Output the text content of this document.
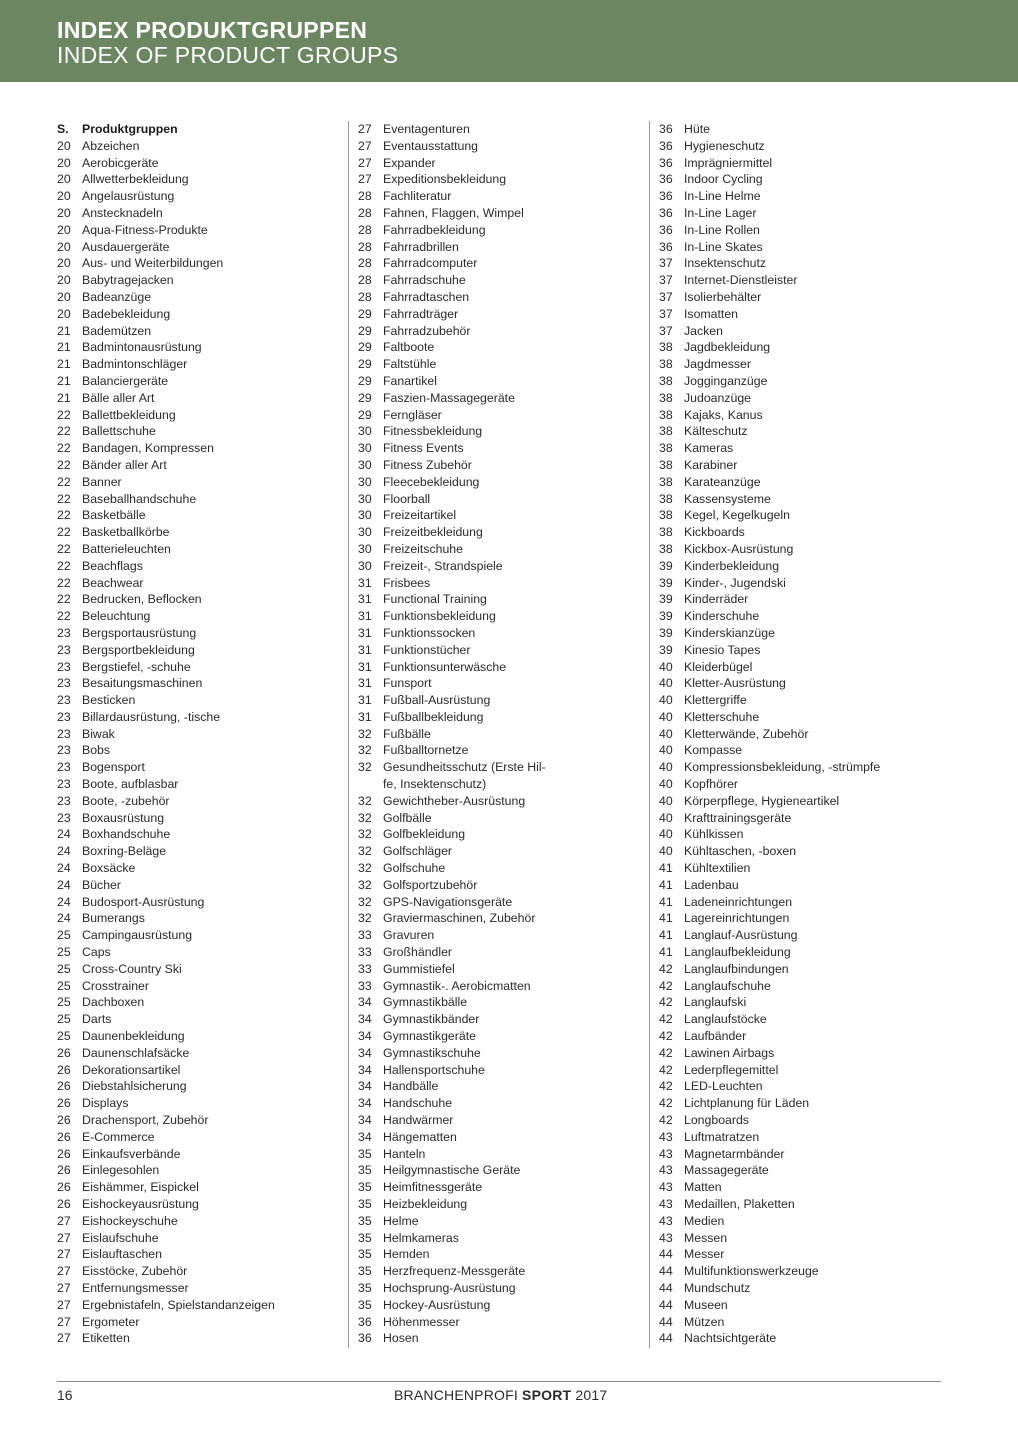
INDEX PRODUKTGRUPPEN
INDEX OF PRODUCT GROUPS
S.	Produktgruppen
20 Abzeichen
20 Aerobicgeräte
20 Allwetterbekleidung
20 Angelausrüstung
20 Anstecknadeln
20 Aqua-Fitness-Produkte
20 Ausdauergeräte
20 Aus- und Weiterbildungen
20 Babytragejacken
20 Badeanzüge
20 Badebekleidung
21 Bademützen
21 Badmintonausrüstung
21 Badmintonschläger
21 Balanciergeräte
21 Bälle aller Art
22 Ballettbekleidung
22 Ballettschuhe
22 Bandagen, Kompressen
22 Bänder aller Art
22 Banner
22 Baseballhandschuhe
22 Basketbälle
22 Basketballkörbe
22 Batterieleuchten
22 Beachflags
22 Beachwear
22 Bedrucken, Beflocken
22 Beleuchtung
23 Bergsportausrüstung
23 Bergsportbekleidung
23 Bergstiefel, -schuhe
23 Besaitungsmaschinen
23 Besticken
23 Billardausrüstung, -tische
23 Biwak
23 Bobs
23 Bogensport
23 Boote, aufblasbar
23 Boote, -zubehör
23 Boxausrüstung
24 Boxhandschuhe
24 Boxring-Beläge
24 Boxsäcke
24 Bücher
24 Budosport-Ausrüstung
24 Bumerangs
25 Campingausrüstung
25 Caps
25 Cross-Country Ski
25 Crosstrainer
25 Dachboxen
25 Darts
25 Daunenbekleidung
26 Daunenschlafsäcke
26 Dekorationsartikel
26 Diebstahlsicherung
26 Displays
26 Drachensport, Zubehör
26 E-Commerce
26 Einkaufsverbände
26 Einlegesohlen
26 Eishämmer, Eispickel
26 Eishockeyausrüstung
27 Eishockeyschuhe
27 Eislaufschuhe
27 Eislauftaschen
27 Eisstöcke, Zubehör
27 Entfernungsmesser
27 Ergebnistafeln, Spielstandanzeigen
27 Ergometer
27 Etiketten
27 Eventagenturen
27 Eventausstattung
27 Expander
27 Expeditionsbekleidung
28 Fachliteratur
28 Fahnen, Flaggen, Wimpel
28 Fahrradbekleidung
28 Fahrradbrillen
28 Fahrradcomputer
28 Fahrradschuhe
28 Fahrradtaschen
29 Fahrradträger
29 Fahrradzubehör
29 Faltboote
29 Faltstühle
29 Fanartikel
29 Faszien-Massagegeräte
29 Ferngläser
30 Fitnessbekleidung
30 Fitness Events
30 Fitness Zubehör
30 Fleecebekleidung
30 Floorball
30 Freizeitartikel
30 Freizeitbekleidung
30 Freizeitschuhe
30 Freizeit-, Strandspiele
31 Frisbees
31 Functional Training
31 Funktionsbekleidung
31 Funktionssocken
31 Funktionstücher
31 Funktionsunterwäsche
31 Funsport
31 Fußball-Ausrüstung
31 Fußballbekleidung
32 Fußbälle
32 Fußballtornetze
32 Gesundheitsschutz (Erste Hil-
fe, Insektenschutz)
32 Gewichtheber-Ausrüstung
32 Golfbälle
32 Golfbekleidung
32 Golfschläger
32 Golfschuhe
32 Golfsportzubehör
32 GPS-Navigationsgeräte
32 Graviermaschinen, Zubehör
33 Gravuren
33 Großhändler
33 Gummistiefel
33 Gymnastik-. Aerobicmatten
34 Gymnastikbälle
34 Gymnastikbänder
34 Gymnastikgeräte
34 Gymnastikschuhe
34 Hallensportschuhe
34 Handbälle
34 Handschuhe
34 Handwärmer
34 Hängematten
35 Hanteln
35 Heilgymnastische Geräte
35 Heimfitnessgeräte
35 Heizbekleidung
35 Helme
35 Helmkameras
35 Hemden
35 Herzfrequenz-Messgeräte
35 Hochsprung-Ausrüstung
35 Hockey-Ausrüstung
36 Höhenmesser
36 Hosen
36 Hüte
36 Hygieneschutz
36 Imprägniermittel
36 Indoor Cycling
36 In-Line Helme
36 In-Line Lager
36 In-Line Rollen
36 In-Line Skates
37 Insektenschutz
37 Internet-Dienstleister
37 Isolierbehälter
37 Isomatten
37 Jacken
38 Jagdbekleidung
38 Jagdmesser
38 Jogginganzüge
38 Judoanzüge
38 Kajaks, Kanus
38 Kälteschutz
38 Kameras
38 Karabiner
38 Karateanzüge
38 Kassensysteme
38 Kegel, Kegelkugeln
38 Kickboards
38 Kickbox-Ausrüstung
39 Kinderbekleidung
39 Kinder-, Jugendski
39 Kinderräder
39 Kinderschuhe
39 Kinderskianzüge
39 Kinesio Tapes
40 Kleiderbügel
40 Kletter-Ausrüstung
40 Klettergriffe
40 Kletterschuhe
40 Kletterwände, Zubehör
40 Kompasse
40 Kompressionsbekleidung, -strümpfe
40 Kopfhörer
40 Körperpflege, Hygieneartikel
40 Krafttrainingsgeräte
40 Kühlkissen
40 Kühltaschen, -boxen
41 Kühltextilien
41 Ladenbau
41 Ladeneinrichtungen
41 Lagereinrichtungen
41 Langlauf-Ausrüstung
41 Langlaufbekleidung
42 Langlaufbindungen
42 Langlaufschuhe
42 Langlaufski
42 Langlaufstöcke
42 Laufbänder
42 Lawinen Airbags
42 Lederpflegemittel
42 LED-Leuchten
42 Lichtplanung für Läden
42 Longboards
43 Luftmatratzen
43 Magnetarmbänder
43 Massagegeräte
43 Matten
43 Medaillen, Plaketten
43 Medien
43 Messen
44 Messer
44 Multifunktionswerkzeuge
44 Mundschutz
44 Museen
44 Mützen
44 Nachtsichtgeräte
16	BRANCHENPROFI SPORT 2017
